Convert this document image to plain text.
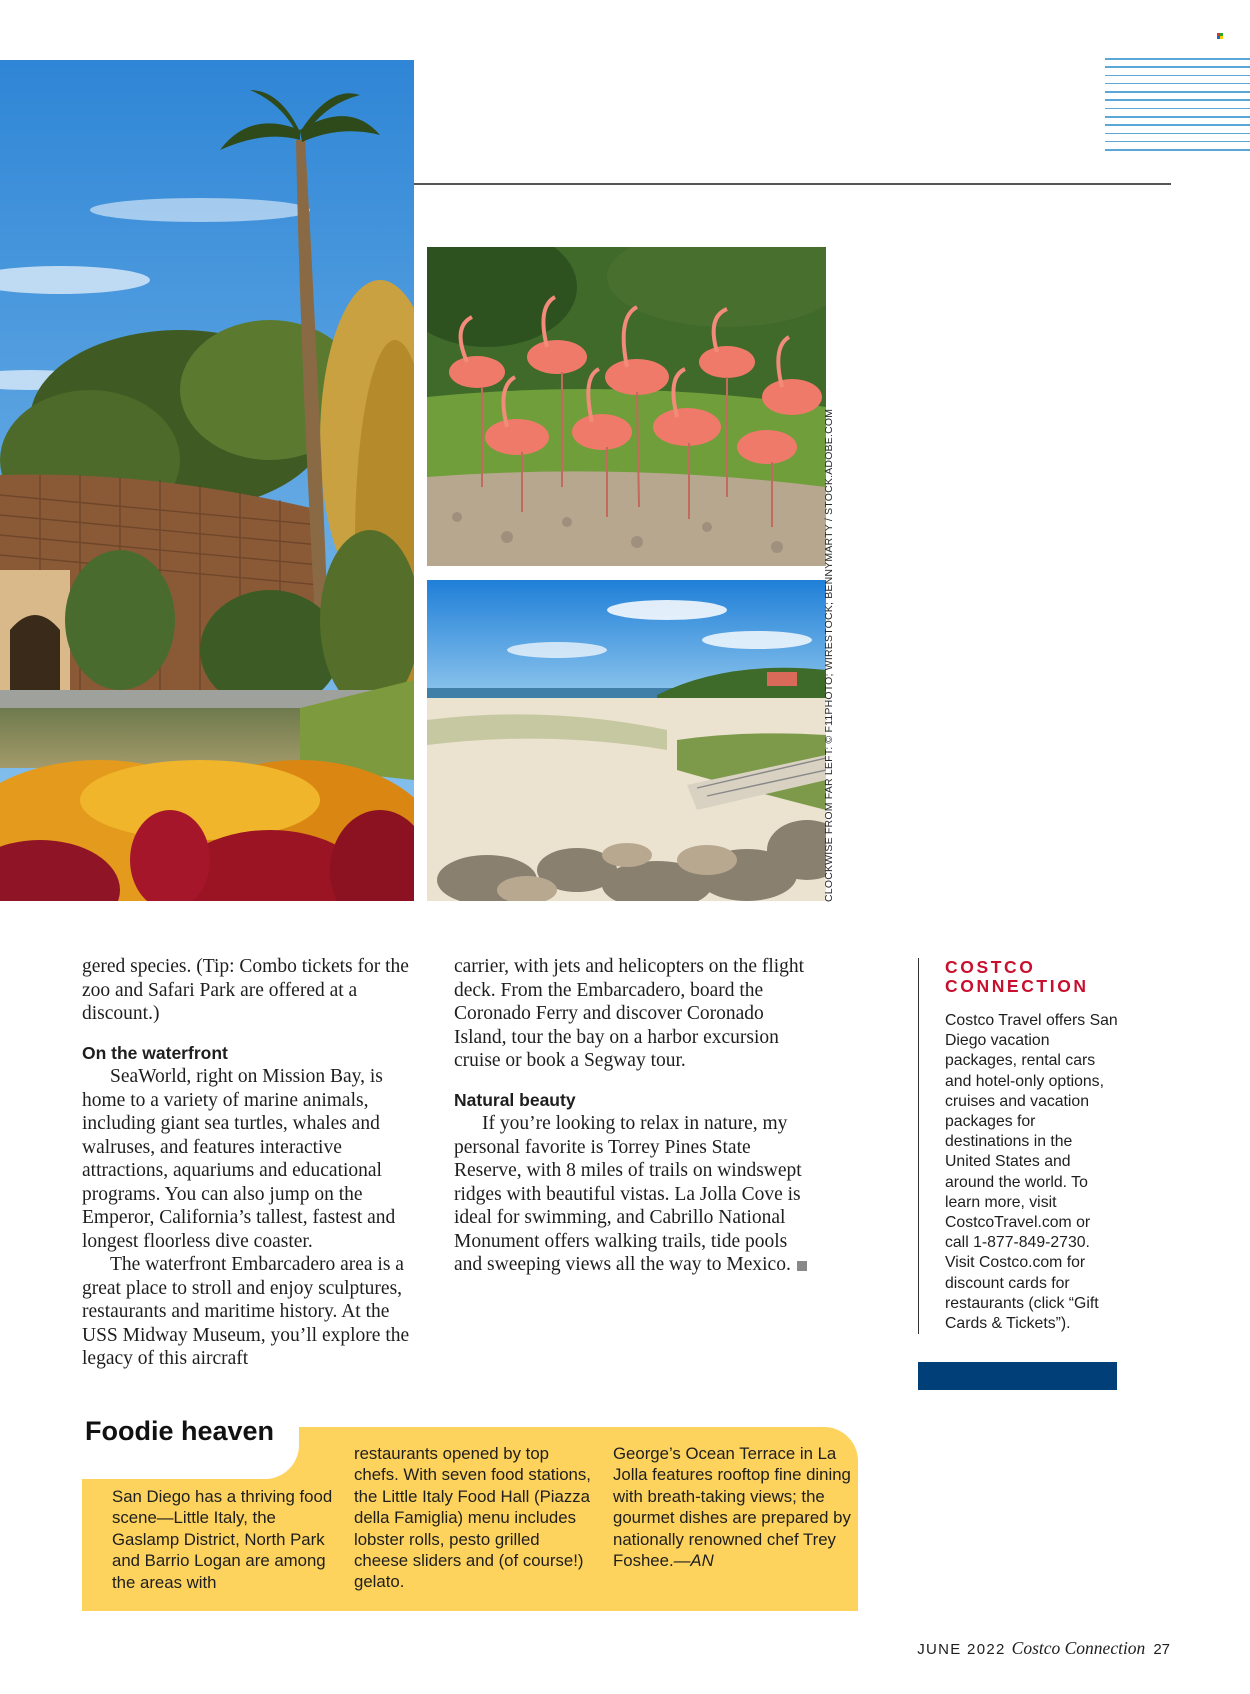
CLOCKWISE FROM FAR LEFT: © F11PHOTO; WIRESTOCK; BENNYMARTY / STOCK.ADOBE.COM

gered species. (Tip: Combo tickets for the zoo and Safari Park are offered at a discount.)

On the waterfront

SeaWorld, right on Mission Bay, is home to a variety of marine animals, including giant sea turtles, whales and walruses, and features interactive attractions, aquariums and educational programs. You can also jump on the Emperor, California’s tallest, fastest and longest floorless dive coaster.

The waterfront Embarcadero area is a great place to stroll and enjoy sculptures, restaurants and maritime history. At the USS Midway Museum, you’ll explore the legacy of this aircraft

carrier, with jets and helicopters on the flight deck. From the Embarcadero, board the Coronado Ferry and discover Coronado Island, tour the bay on a harbor excursion cruise or book a Segway tour.

Natural beauty

If you’re looking to relax in nature, my personal favorite is Torrey Pines State Reserve, with 8 miles of trails on windswept ridges with beautiful vistas. La Jolla Cove is ideal for swimming, and Cabrillo National Monument offers walking trails, tide pools and sweeping views all the way to Mexico.

COSTCO CONNECTION

Costco Travel offers San Diego vacation packages, rental cars and hotel-only options, cruises and vacation packages for destinations in the United States and around the world. To learn more, visit CostcoTravel.com or call 1-877-849-2730. Visit Costco.com for discount cards for restaurants (click “Gift Cards & Tickets”).

Foodie heaven
San Diego has a thriving food scene—Little Italy, the Gaslamp District, North Park and Barrio Logan are among the areas with
restaurants opened by top chefs. With seven food stations, the Little Italy Food Hall (Piazza della Famiglia) menu includes lobster rolls, pesto grilled cheese sliders and (of course!) gelato.
George’s Ocean Terrace in La Jolla features rooftop fine dining with breath-taking views; the gourmet dishes are prepared by nationally renowned chef Trey Foshee.—AN
JUNE 2022 Costco Connection 27
